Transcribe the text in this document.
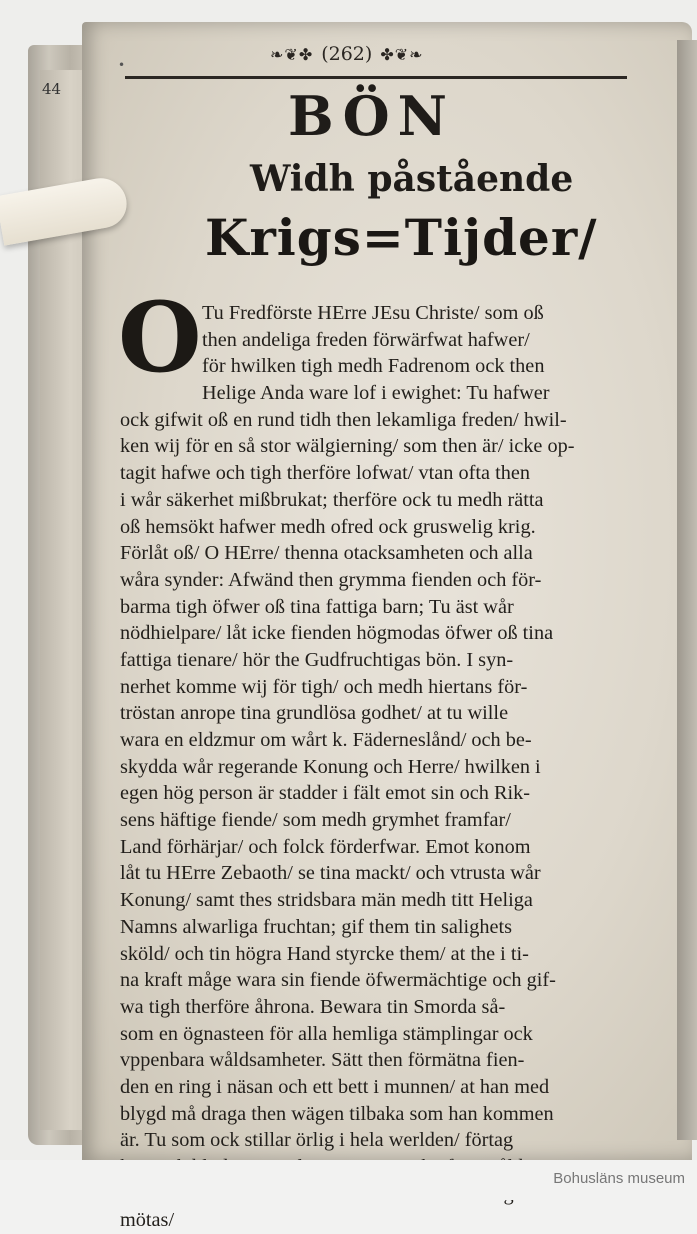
44
•
❧❦✤ (262) ✤❦❧
BÖN
Widh påstående
Krigs=Tijder/
O Tu Fredförste HErre JEsu Christe/ som oß
then andeliga freden förwärfwat hafwer/
för hwilken tigh medh Fadrenom ock then
Helige Anda ware lof i ewighet: Tu hafwer
ock gifwit oß en rund tidh then lekamliga freden/ hwil-
ken wij för en så stor wälgierning/ som then är/ icke op-
tagit hafwe och tigh therföre lofwat/ vtan ofta then
i wår säkerhet mißbrukat; therföre ock tu medh rätta
oß hemsökt hafwer medh ofred ock gruswelig krig.
Förlåt oß/ O HErre/ thenna otacksamheten och alla
wåra synder: Afwänd then grymma fienden och för-
barma tigh öfwer oß tina fattiga barn; Tu äst wår
nödhielpare/ låt icke fienden högmodas öfwer oß tina
fattiga tienare/ hör the Gudfruchtigas bön. I syn-
nerhet komme wij för tigh/ och medh hiertans för-
tröstan anrope tina grundlösa godhet/ at tu wille
wara en eldzmur om wårt k. Fäderneslånd/ och be-
skydda wår regerande Konung och Herre/ hwilken i
egen hög person är stadder i fält emot sin och Rik-
sens häftige fiende/ som medh grymhet framfar/
Land förhärjar/ och folck förderfwar. Emot konom
låt tu HErre Zebaoth/ se tina mackt/ och vtrusta wår
Konung/ samt thes stridsbara män medh titt Heliga
Namns alwarliga fruchtan; gif them tin salighets
sköld/ och tin högra Hand styrcke them/ at the i ti-
na kraft måge wara sin fiende öfwermächtige och gif-
wa tigh therföre åhrona. Bewara tin Smorda så-
som en ögnasteen för alla hemliga stämplingar ock
vppenbara wåldsamheter. Sätt then förmätna fien-
den en ring i näsan och ett bett i munnen/ at han med
blygd må draga then wägen tilbaka som han kommen
är. Tu som ock stillar örlig i hela werlden/ förtag
mötas/
Bohusläns museum
